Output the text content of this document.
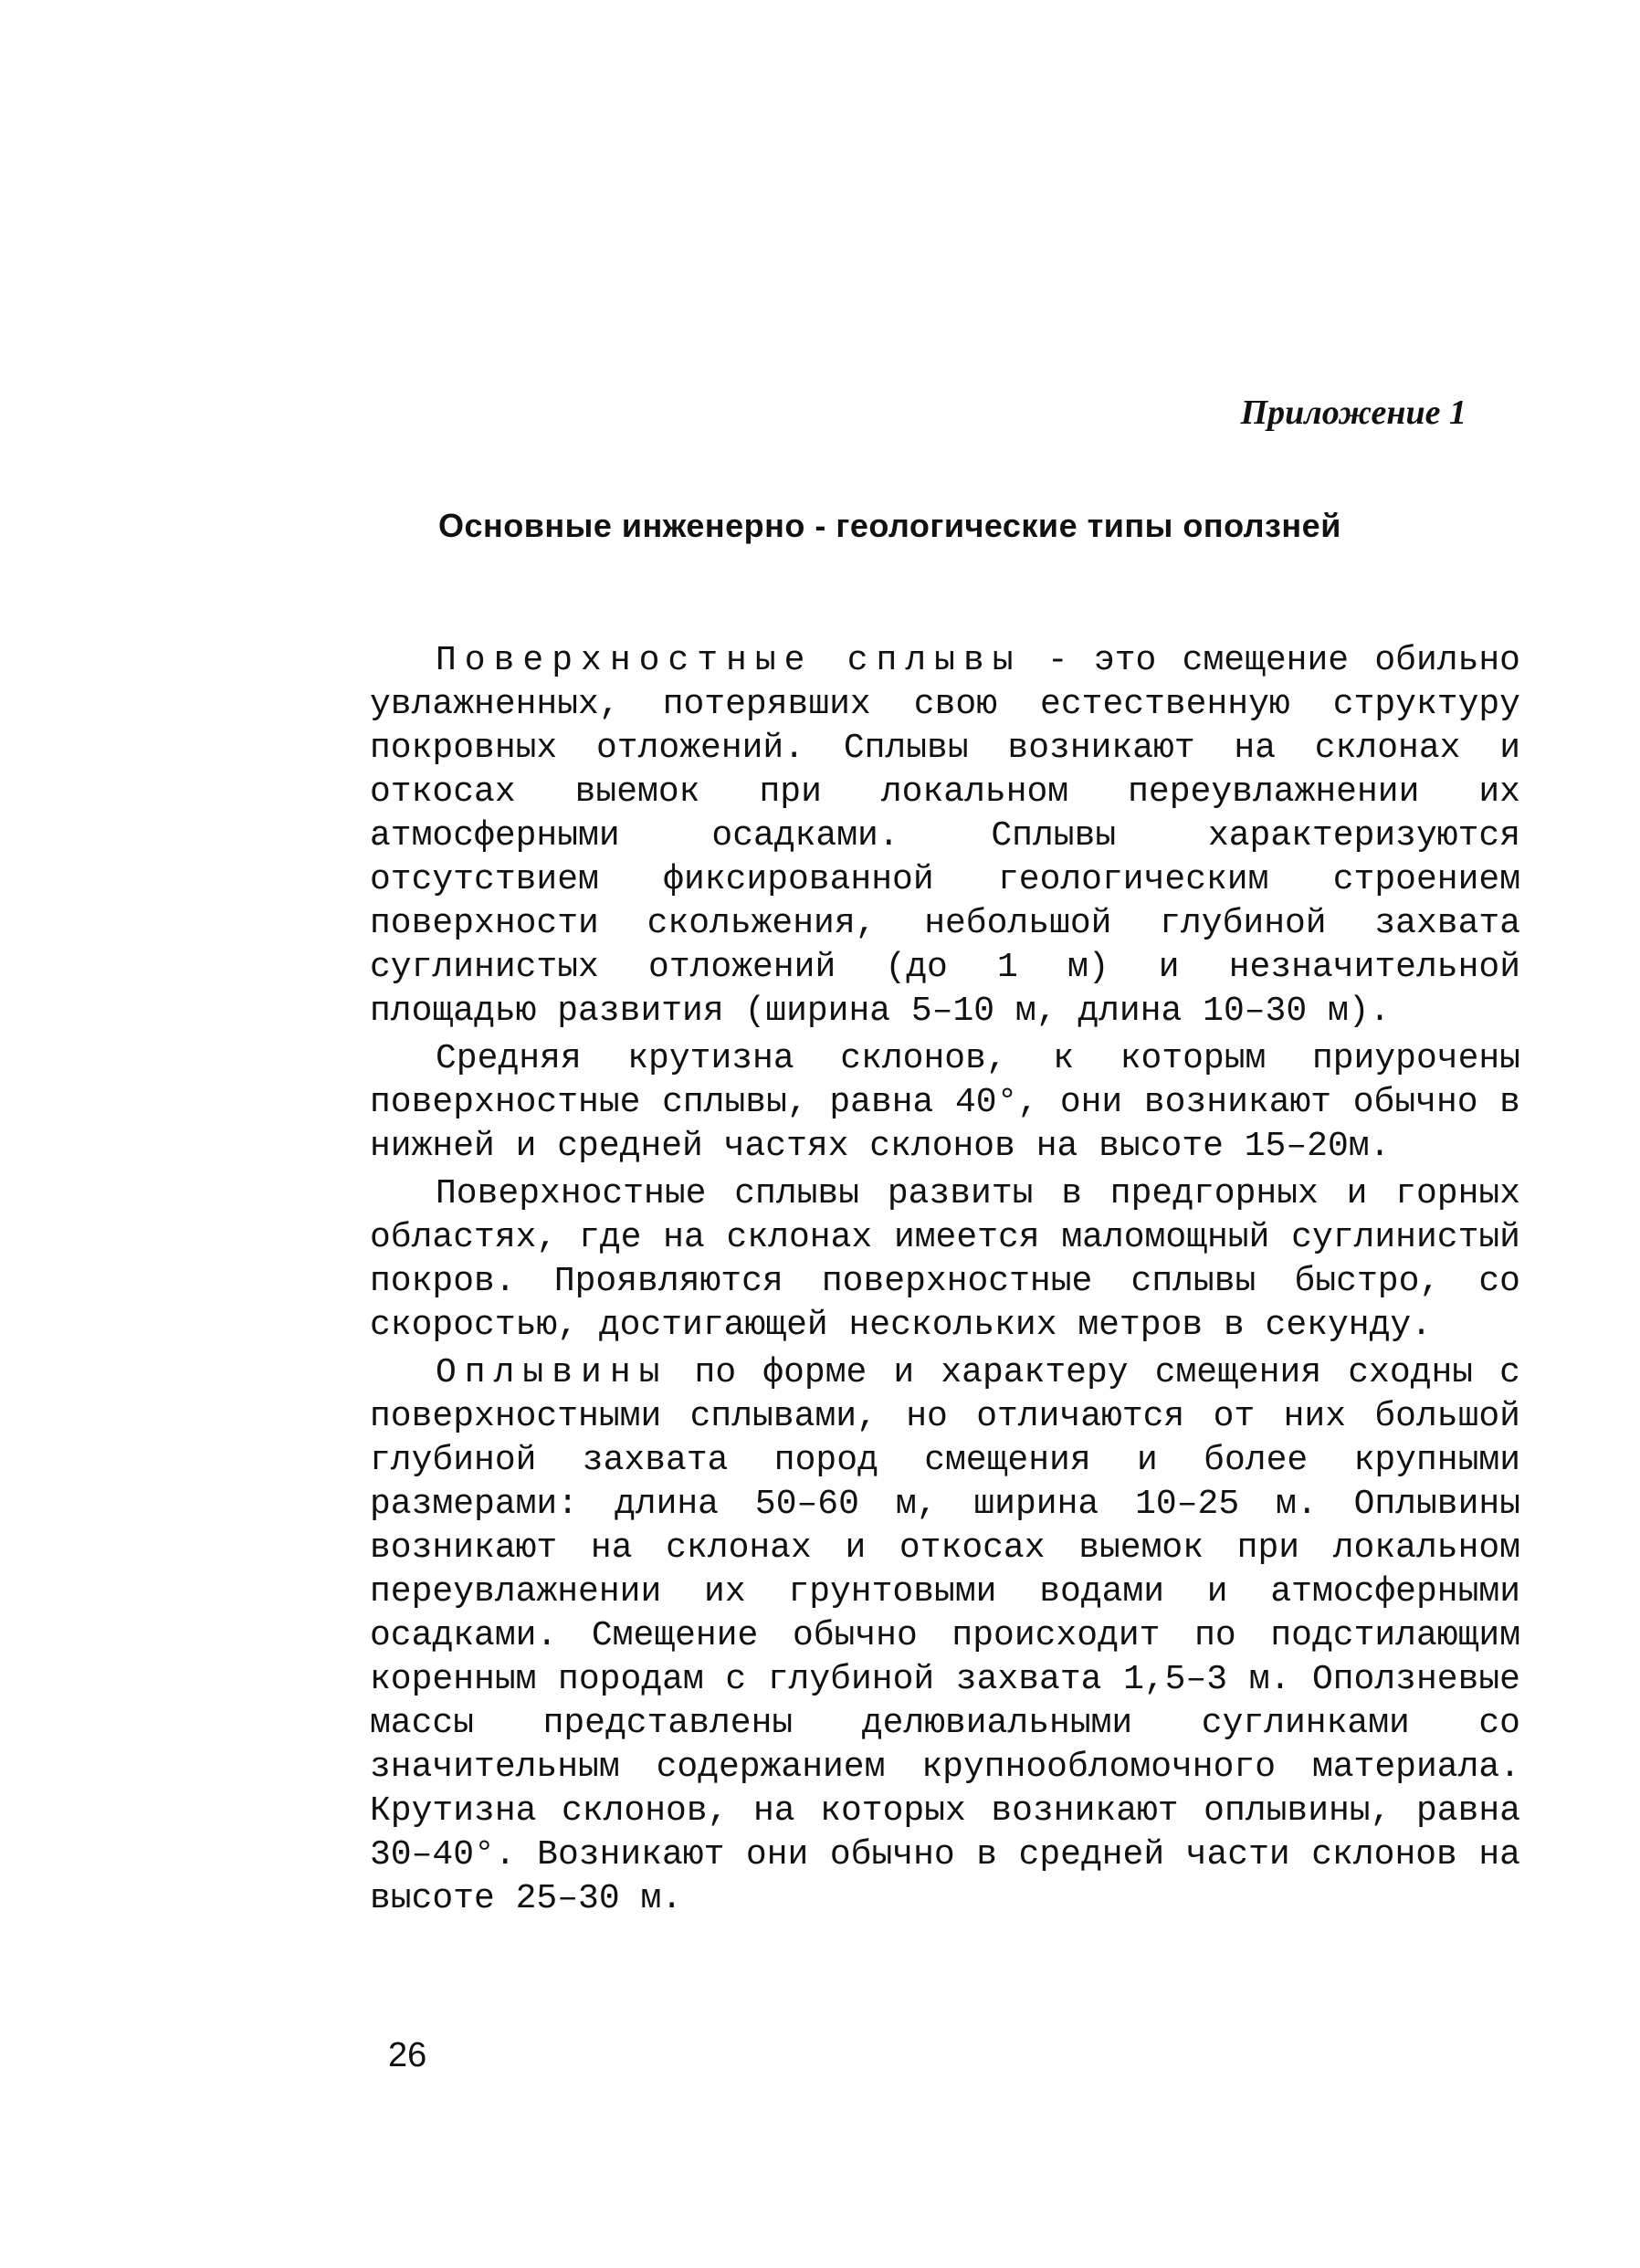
Приложение 1
Основные инженерно - геологические типы оползней

Поверхностные сплывы - это смещение обильно увлажненных, потерявших свою естественную структуру покровных отложений. Сплывы возникают на склонах и откосах выемок при локальном переувлажнении их атмосферными осадками. Сплывы характеризуются отсутствием фиксированной геологическим строением поверхности скольжения, небольшой глубиной захвата суглинистых отложений (до 1 м) и незначительной площадью развития (ширина 5–10 м, длина 10–30 м).

Средняя крутизна склонов, к которым приурочены поверхностные сплывы, равна 40°, они возникают обычно в нижней и средней частях склонов на высоте 15–20м.

Поверхностные сплывы развиты в предгорных и горных областях, где на склонах имеется маломощный суглинистый покров. Проявляются поверхностные сплывы быстро, со скоростью, достигающей нескольких метров в секунду.

Оплывины по форме и характеру смещения сходны с поверхностными сплывами, но отличаются от них большой глубиной захвата пород смещения и более крупными размерами: длина 50–60 м, ширина 10–25 м. Оплывины возникают на склонах и откосах выемок при локальном переувлажнении их грунтовыми водами и атмосферными осадками. Смещение обычно происходит по подстилающим коренным породам с глубиной захвата 1,5–3 м. Оползневые массы представлены делювиальными суглинками со значительным содержанием крупнообломочного материала. Крутизна склонов, на которых возникают оплывины, равна 30–40°. Возникают они обычно в средней части склонов на высоте 25–30 м.

26
